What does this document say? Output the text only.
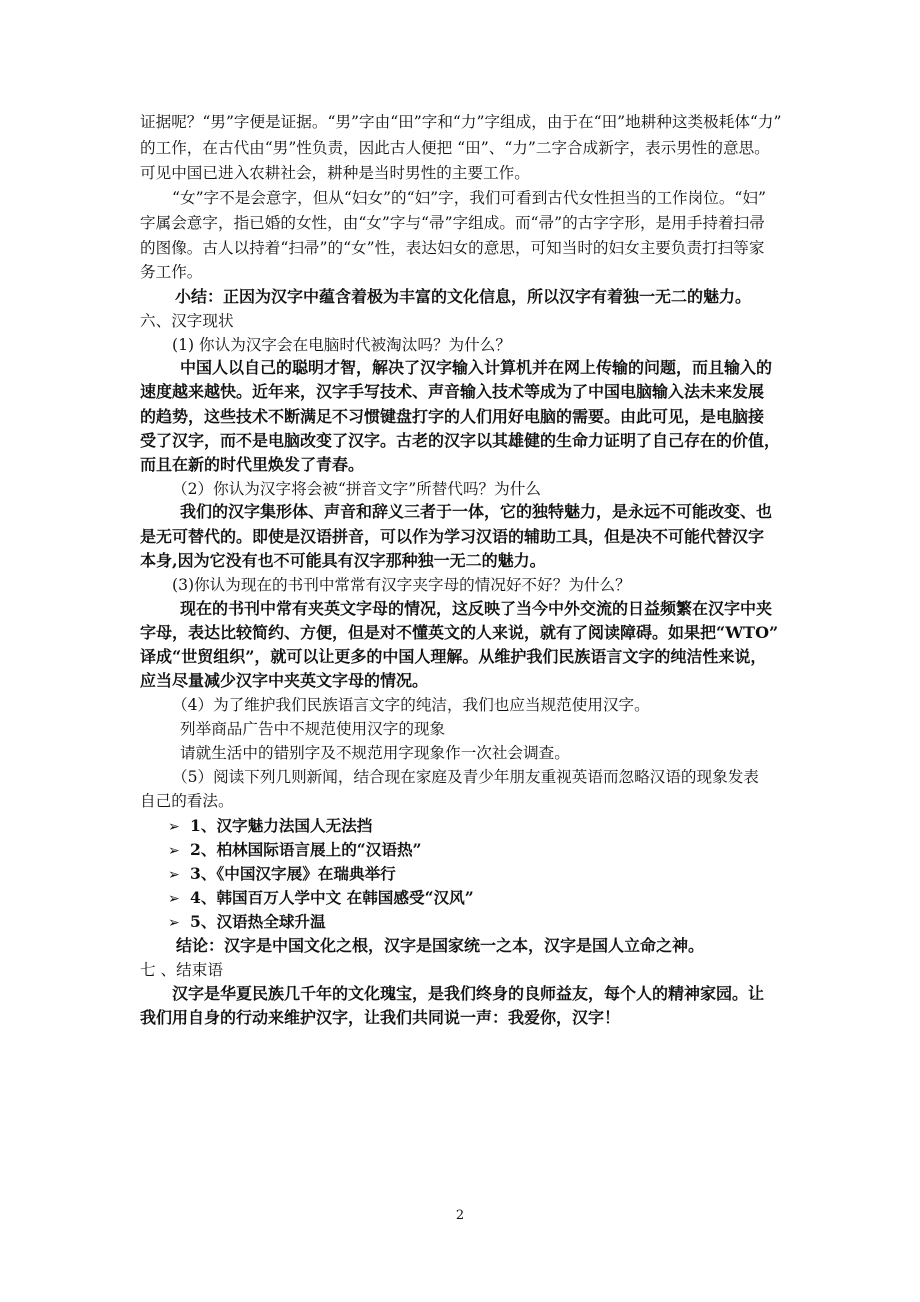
证据呢？“男”字便是证据。“男”字由“田”字和“力”字组成，由于在“田”地耕种这类极耗体“力”
的工作，在古代由“男”性负责，因此古人便把 “田”、“力”二字合成新字，表示男性的意思。
可见中国已进入农耕社会，耕种是当时男性的主要工作。
“女”字不是会意字，但从“妇女”的“妇”字，我们可看到古代女性担当的工作岗位。“妇”
字属会意字，指已婚的女性，由“女”字与“帚”字组成。而“帚”的古字字形，是用手持着扫帚
的图像。古人以持着“扫帚”的“女”性，表达妇女的意思，可知当时的妇女主要负责打扫等家
务工作。
小结：正因为汉字中蕴含着极为丰富的文化信息，所以汉字有着独一无二的魅力。
六、汉字现状
(1) 你认为汉字会在电脑时代被淘汰吗？为什么？
中国人以自己的聪明才智，解决了汉字输入计算机并在网上传输的问题，而且输入的
速度越来越快。近年来，汉字手写技术、声音输入技术等成为了中国电脑输入法未来发展
的趋势，这些技术不断满足不习惯键盘打字的人们用好电脑的需要。由此可见，是电脑接
受了汉字，而不是电脑改变了汉字。古老的汉字以其雄健的生命力证明了自己存在的价值，
而且在新的时代里焕发了青春。
（2）你认为汉字将会被“拼音文字”所替代吗？为什么
我们的汉字集形体、声音和辞义三者于一体，它的独特魅力，是永远不可能改变、也
是无可替代的。即使是汉语拼音，可以作为学习汉语的辅助工具，但是决不可能代替汉字
本身,因为它没有也不可能具有汉字那种独一无二的魅力。
(3)你认为现在的书刊中常常有汉字夹字母的情况好不好？为什么？
现在的书刊中常有夹英文字母的情况，这反映了当今中外交流的日益频繁在汉字中夹
字母，表达比较简约、方便，但是对不懂英文的人来说，就有了阅读障碍。如果把“WTO”
译成“世贸组织”，就可以让更多的中国人理解。从维护我们民族语言文字的纯洁性来说，
应当尽量减少汉字中夹英文字母的情况。
（4）为了维护我们民族语言文字的纯洁，我们也应当规范使用汉字。
列举商品广告中不规范使用汉字的现象
请就生活中的错别字及不规范用字现象作一次社会调查。
（5）阅读下列几则新闻，结合现在家庭及青少年朋友重视英语而忽略汉语的现象发表
自己的看法。
➢ 1、汉字魅力法国人无法挡
➢ 2、柏林国际语言展上的“汉语热”
➢ 3、《中国汉字展》在瑞典举行
➢ 4、韩国百万人学中文 在韩国感受“汉风”
➢ 5、汉语热全球升温
结论：汉字是中国文化之根，汉字是国家统一之本，汉字是国人立命之神。
七 、结束语
汉字是华夏民族几千年的文化瑰宝，是我们终身的良师益友，每个人的精神家园。让
我们用自身的行动来维护汉字，让我们共同说一声：我爱你，汉字！
2
